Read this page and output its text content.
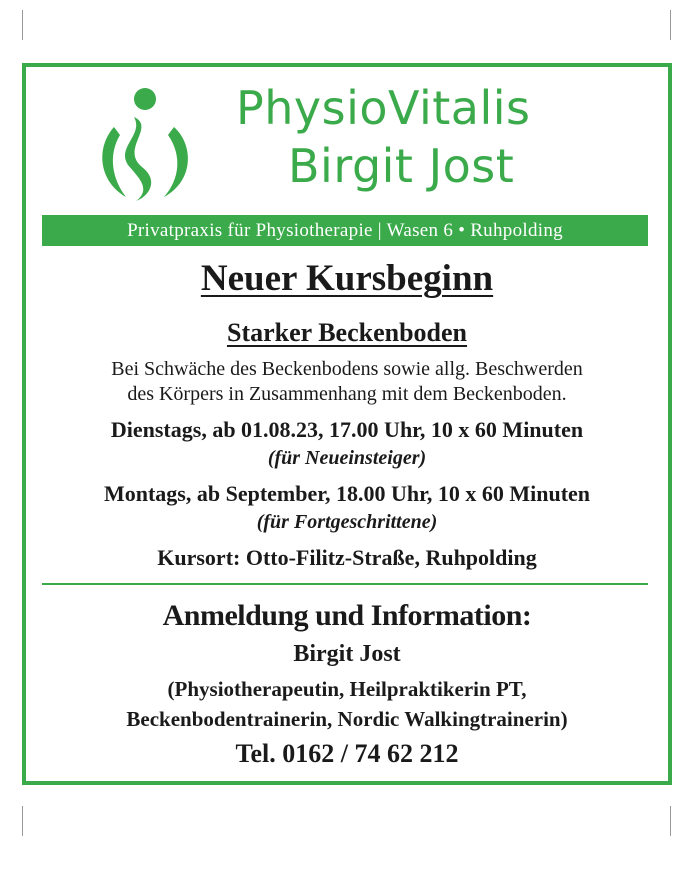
PhysioVitalis
Birgit Jost
Privatpraxis für Physiotherapie | Wasen 6 • Ruhpolding
Neuer Kursbeginn
Starker Beckenboden
Bei Schwäche des Beckenbodens sowie allg. Beschwerden
des Körpers in Zusammenhang mit dem Beckenboden.
Dienstags, ab 01.08.23, 17.00 Uhr, 10 x 60 Minuten
(für Neueinsteiger)
Montags, ab September, 18.00 Uhr, 10 x 60 Minuten
(für Fortgeschrittene)
Kursort: Otto-Filitz-Straße, Ruhpolding
Anmeldung und Information:
Birgit Jost
(Physiotherapeutin, Heilpraktikerin PT,
Beckenbodentrainerin, Nordic Walkingtrainerin)
Tel. 0162 / 74 62 212
